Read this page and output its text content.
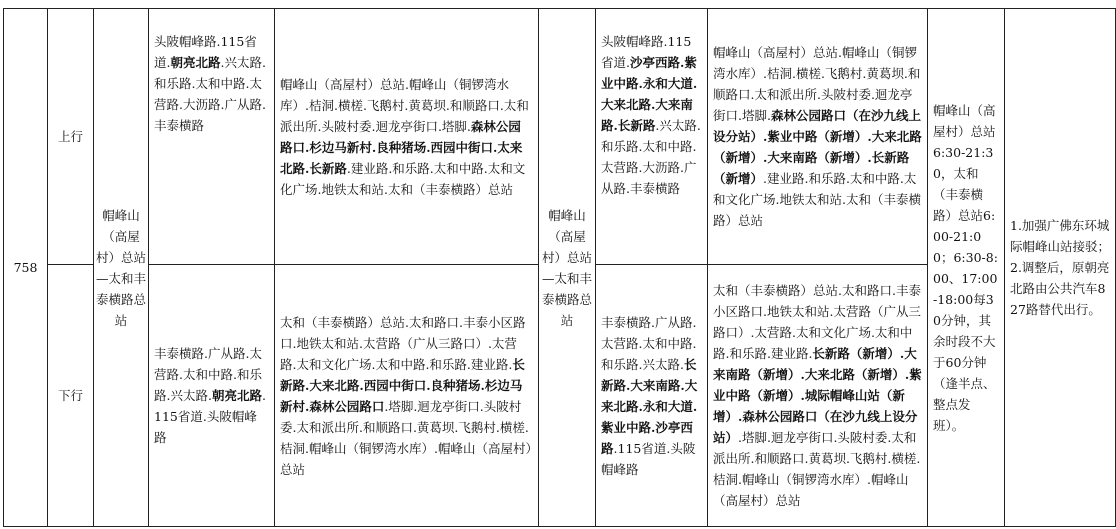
758	上行	帽峰山（高屋村）总站—太和丰泰横路总站	头陂帽峰路.115省道.朝亮北路.兴太路.和乐路.太和中路.太营路.大沥路.广从路.丰泰横路	帽峰山（高屋村）总站.帽峰山（铜锣湾水库）.桔洞.横槎.飞鹅村.黄葛坝.和顺路口.太和派出所.头陂村委.迴龙亭街口.塔脚.森林公园路口.杉边马新村.良种猪场.西园中街口.太来北路.长新路.建业路.和乐路.太和中路.太和文化广场.地铁太和站.太和（丰泰横路）总站	帽峰山（高屋村）总站—太和丰泰横路总站	头陂帽峰路.115省道.沙亭西路.紫业中路.永和大道.大来北路.大来南路.长新路.兴太路.和乐路.太和中路.太营路.大沥路.广从路.丰泰横路	帽峰山（高屋村）总站.帽峰山（铜锣湾水库）.桔洞.横槎.飞鹅村.黄葛坝.和顺路口.太和派出所.头陂村委.迴龙亭街口.塔脚.森林公园路口（在沙九线上设分站）.紫业中路（新增）.大来北路（新增）.大来南路（新增）.长新路（新增）.建业路.和乐路.太和中路.太和文化广场.地铁太和站.太和（丰泰横路）总站	帽峰山（高屋村）总站6:30-21:30，太和（丰泰横路）总站6:00-21:00；6:30-8:00、17:00-18:00每30分钟，其余时段不大于60分钟（逢半点、整点发班）。	1.加强广佛东环城际帽峰山站接驳；2.调整后，原朝亮北路由公共汽车827路替代出行。
	下行		丰泰横路.广从路.太营路.太和中路.和乐路.兴太路.朝亮北路.115省道.头陂帽峰路	太和（丰泰横路）总站.太和路口.丰泰小区路口.地铁太和站.太营路（广从三路口）.太营路.太和文化广场.太和中路.和乐路.建业路.长新路.大来北路.西园中街口.良种猪场.杉边马新村.森林公园路口.塔脚.迴龙亭街口.头陂村委.太和派出所.和顺路口.黄葛坝.飞鹅村.横槎.桔洞.帽峰山（铜锣湾水库）.帽峰山（高屋村）总站		丰泰横路.广从路.太营路.太和中路.和乐路.兴太路.长新路.大来南路.大来北路.永和大道.紫业中路.沙亭西路.115省道.头陂帽峰路	太和（丰泰横路）总站.太和路口.丰泰小区路口.地铁太和站.太营路（广从三路口）.太营路.太和文化广场.太和中路.和乐路.建业路.长新路（新增）.大来南路（新增）.大来北路（新增）.紫业中路（新增）.城际帽峰山站（新增）.森林公园路口（在沙九线上设分站）.塔脚.迴龙亭街口.头陂村委.太和派出所.和顺路口.黄葛坝.飞鹅村.横槎.桔洞.帽峰山（铜锣湾水库）.帽峰山（高屋村）总站		
